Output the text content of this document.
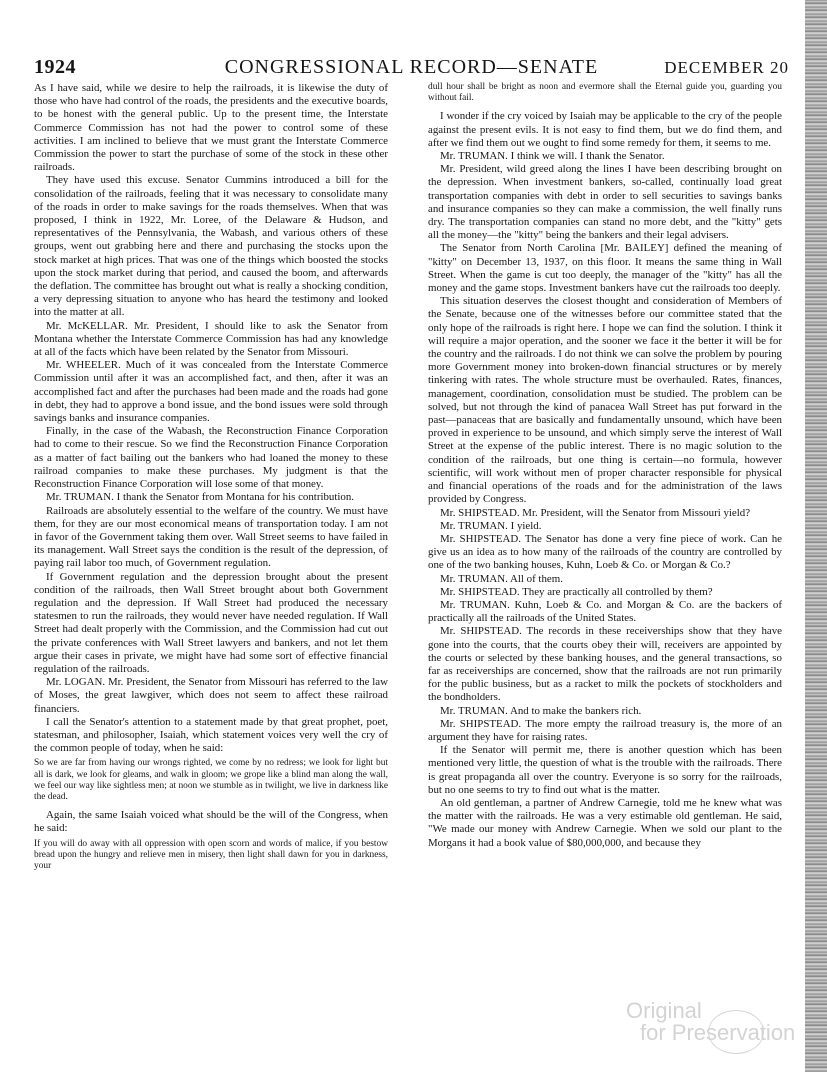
1924	CONGRESSIONAL RECORD—SENATE	DECEMBER 20

As I have said, while we desire to help the railroads, it is likewise the duty of those who have had control of the roads, the presidents and the executive boards, to be honest with the general public. Up to the present time, the Interstate Commerce Commission has not had the power to control some of these activities. I am inclined to believe that we must grant the Interstate Commerce Commission the power to start the purchase of some of the stock in these other railroads.

They have used this excuse. Senator Cummins introduced a bill for the consolidation of the railroads, feeling that it was necessary to consolidate many of the roads in order to make savings for the roads themselves. When that was proposed, I think in 1922, Mr. Loree, of the Delaware & Hudson, and representatives of the Pennsylvania, the Wabash, and various others of these groups, went out grabbing here and there and purchasing the stocks upon the stock market at high prices. That was one of the things which boosted the stocks upon the stock market during that period, and caused the boom, and afterwards the deflation. The committee has brought out what is really a shocking condition, a very depressing situation to anyone who has heard the testimony and looked into the matter at all.

Mr. McKELLAR. Mr. President, I should like to ask the Senator from Montana whether the Interstate Commerce Commission has had any knowledge at all of the facts which have been related by the Senator from Missouri.

Mr. WHEELER. Much of it was concealed from the Interstate Commerce Commission until after it was an accomplished fact, and then, after it was an accomplished fact and after the purchases had been made and the roads had gone in debt, they had to approve a bond issue, and the bond issues were sold through savings banks and insurance companies.

Finally, in the case of the Wabash, the Reconstruction Finance Corporation had to come to their rescue. So we find the Reconstruction Finance Corporation as a matter of fact bailing out the bankers who had loaned the money to these railroad companies to make these purchases. My judgment is that the Reconstruction Finance Corporation will lose some of that money.

Mr. TRUMAN. I thank the Senator from Montana for his contribution.

Railroads are absolutely essential to the welfare of the country. We must have them, for they are our most economical means of transportation today. I am not in favor of the Government taking them over. Wall Street seems to have failed in its management. Wall Street says the condition is the result of the depression, of paying rail labor too much, of Government regulation.

If Government regulation and the depression brought about the present condition of the railroads, then Wall Street brought about both Government regulation and the depression. If Wall Street had produced the necessary statesmen to run the railroads, they would never have needed regulation. If Wall Street had dealt properly with the Commission, and the Commission had cut out the private conferences with Wall Street lawyers and bankers, and not let them argue their cases in private, we might have had some sort of effective financial regulation of the railroads.

Mr. LOGAN. Mr. President, the Senator from Missouri has referred to the law of Moses, the great lawgiver, which does not seem to affect these railroad financiers.

I call the Senator's attention to a statement made by that great prophet, poet, statesman, and philosopher, Isaiah, which statement voices very well the cry of the common people of today, when he said:

So we are far from having our wrongs righted, we come by no redress; we look for light but all is dark, we look for gleams, and walk in gloom; we grope like a blind man along the wall, we feel our way like sightless men; at noon we stumble as in twilight, we live in darkness like the dead.

Again, the same Isaiah voiced what should be the will of the Congress, when he said:

If you will do away with all oppression with open scorn and words of malice, if you bestow bread upon the hungry and relieve men in misery, then light shall dawn for you in darkness, your

dull hour shall be bright as noon and evermore shall the Eternal guide you, guarding you without fail.

I wonder if the cry voiced by Isaiah may be applicable to the cry of the people against the present evils. It is not easy to find them, but we do find them, and after we find them out we ought to find some remedy for them, it seems to me.

Mr. TRUMAN. I think we will. I thank the Senator.

Mr. President, wild greed along the lines I have been describing brought on the depression. When investment bankers, so-called, continually load great transportation companies with debt in order to sell securities to savings banks and insurance companies so they can make a commission, the well finally runs dry. The transportation companies can stand no more debt, and the "kitty" gets all the money—the "kitty" being the bankers and their legal advisers.

The Senator from North Carolina [Mr. BAILEY] defined the meaning of "kitty" on December 13, 1937, on this floor. It means the same thing in Wall Street. When the game is cut too deeply, the manager of the "kitty" has all the money and the game stops. Investment bankers have cut the railroads too deeply.

This situation deserves the closest thought and consideration of Members of the Senate, because one of the witnesses before our committee stated that the only hope of the railroads is right here. I hope we can find the solution. I think it will require a major operation, and the sooner we face it the better it will be for the country and the railroads. I do not think we can solve the problem by pouring more Government money into broken-down financial structures or by merely tinkering with rates. The whole structure must be overhauled. Rates, finances, management, coordination, consolidation must be studied. The problem can be solved, but not through the kind of panacea Wall Street has put forward in the past—panaceas that are basically and fundamentally unsound, which have been proved in experience to be unsound, and which simply serve the interest of Wall Street at the expense of the public interest. There is no magic solution to the condition of the railroads, but one thing is certain—no formula, however scientific, will work without men of proper character responsible for physical and financial operations of the roads and for the administration of the laws provided by Congress.

Mr. SHIPSTEAD. Mr. President, will the Senator from Missouri yield?

Mr. TRUMAN. I yield.

Mr. SHIPSTEAD. The Senator has done a very fine piece of work. Can he give us an idea as to how many of the railroads of the country are controlled by one of the two banking houses, Kuhn, Loeb & Co. or Morgan & Co.?

Mr. TRUMAN. All of them.

Mr. SHIPSTEAD. They are practically all controlled by them?

Mr. TRUMAN. Kuhn, Loeb & Co. and Morgan & Co. are the backers of practically all the railroads of the United States.

Mr. SHIPSTEAD. The records in these receiverships show that they have gone into the courts, that the courts obey their will, receivers are appointed by the courts or selected by these banking houses, and the general transactions, so far as receiverships are concerned, show that the railroads are not run primarily for the public business, but as a racket to milk the pockets of stockholders and the bondholders.

Mr. TRUMAN. And to make the bankers rich.

Mr. SHIPSTEAD. The more empty the railroad treasury is, the more of an argument they have for raising rates.

If the Senator will permit me, there is another question which has been mentioned very little, the question of what is the trouble with the railroads. There is great propaganda all over the country. Everyone is so sorry for the railroads, but no one seems to try to find out what is the matter.

An old gentleman, a partner of Andrew Carnegie, told me he knew what was the matter with the railroads. He was a very estimable old gentleman. He said, "We made our money with Andrew Carnegie. When we sold our plant to the Morgans it had a book value of $80,000,000, and because they

Original
for Preservation
